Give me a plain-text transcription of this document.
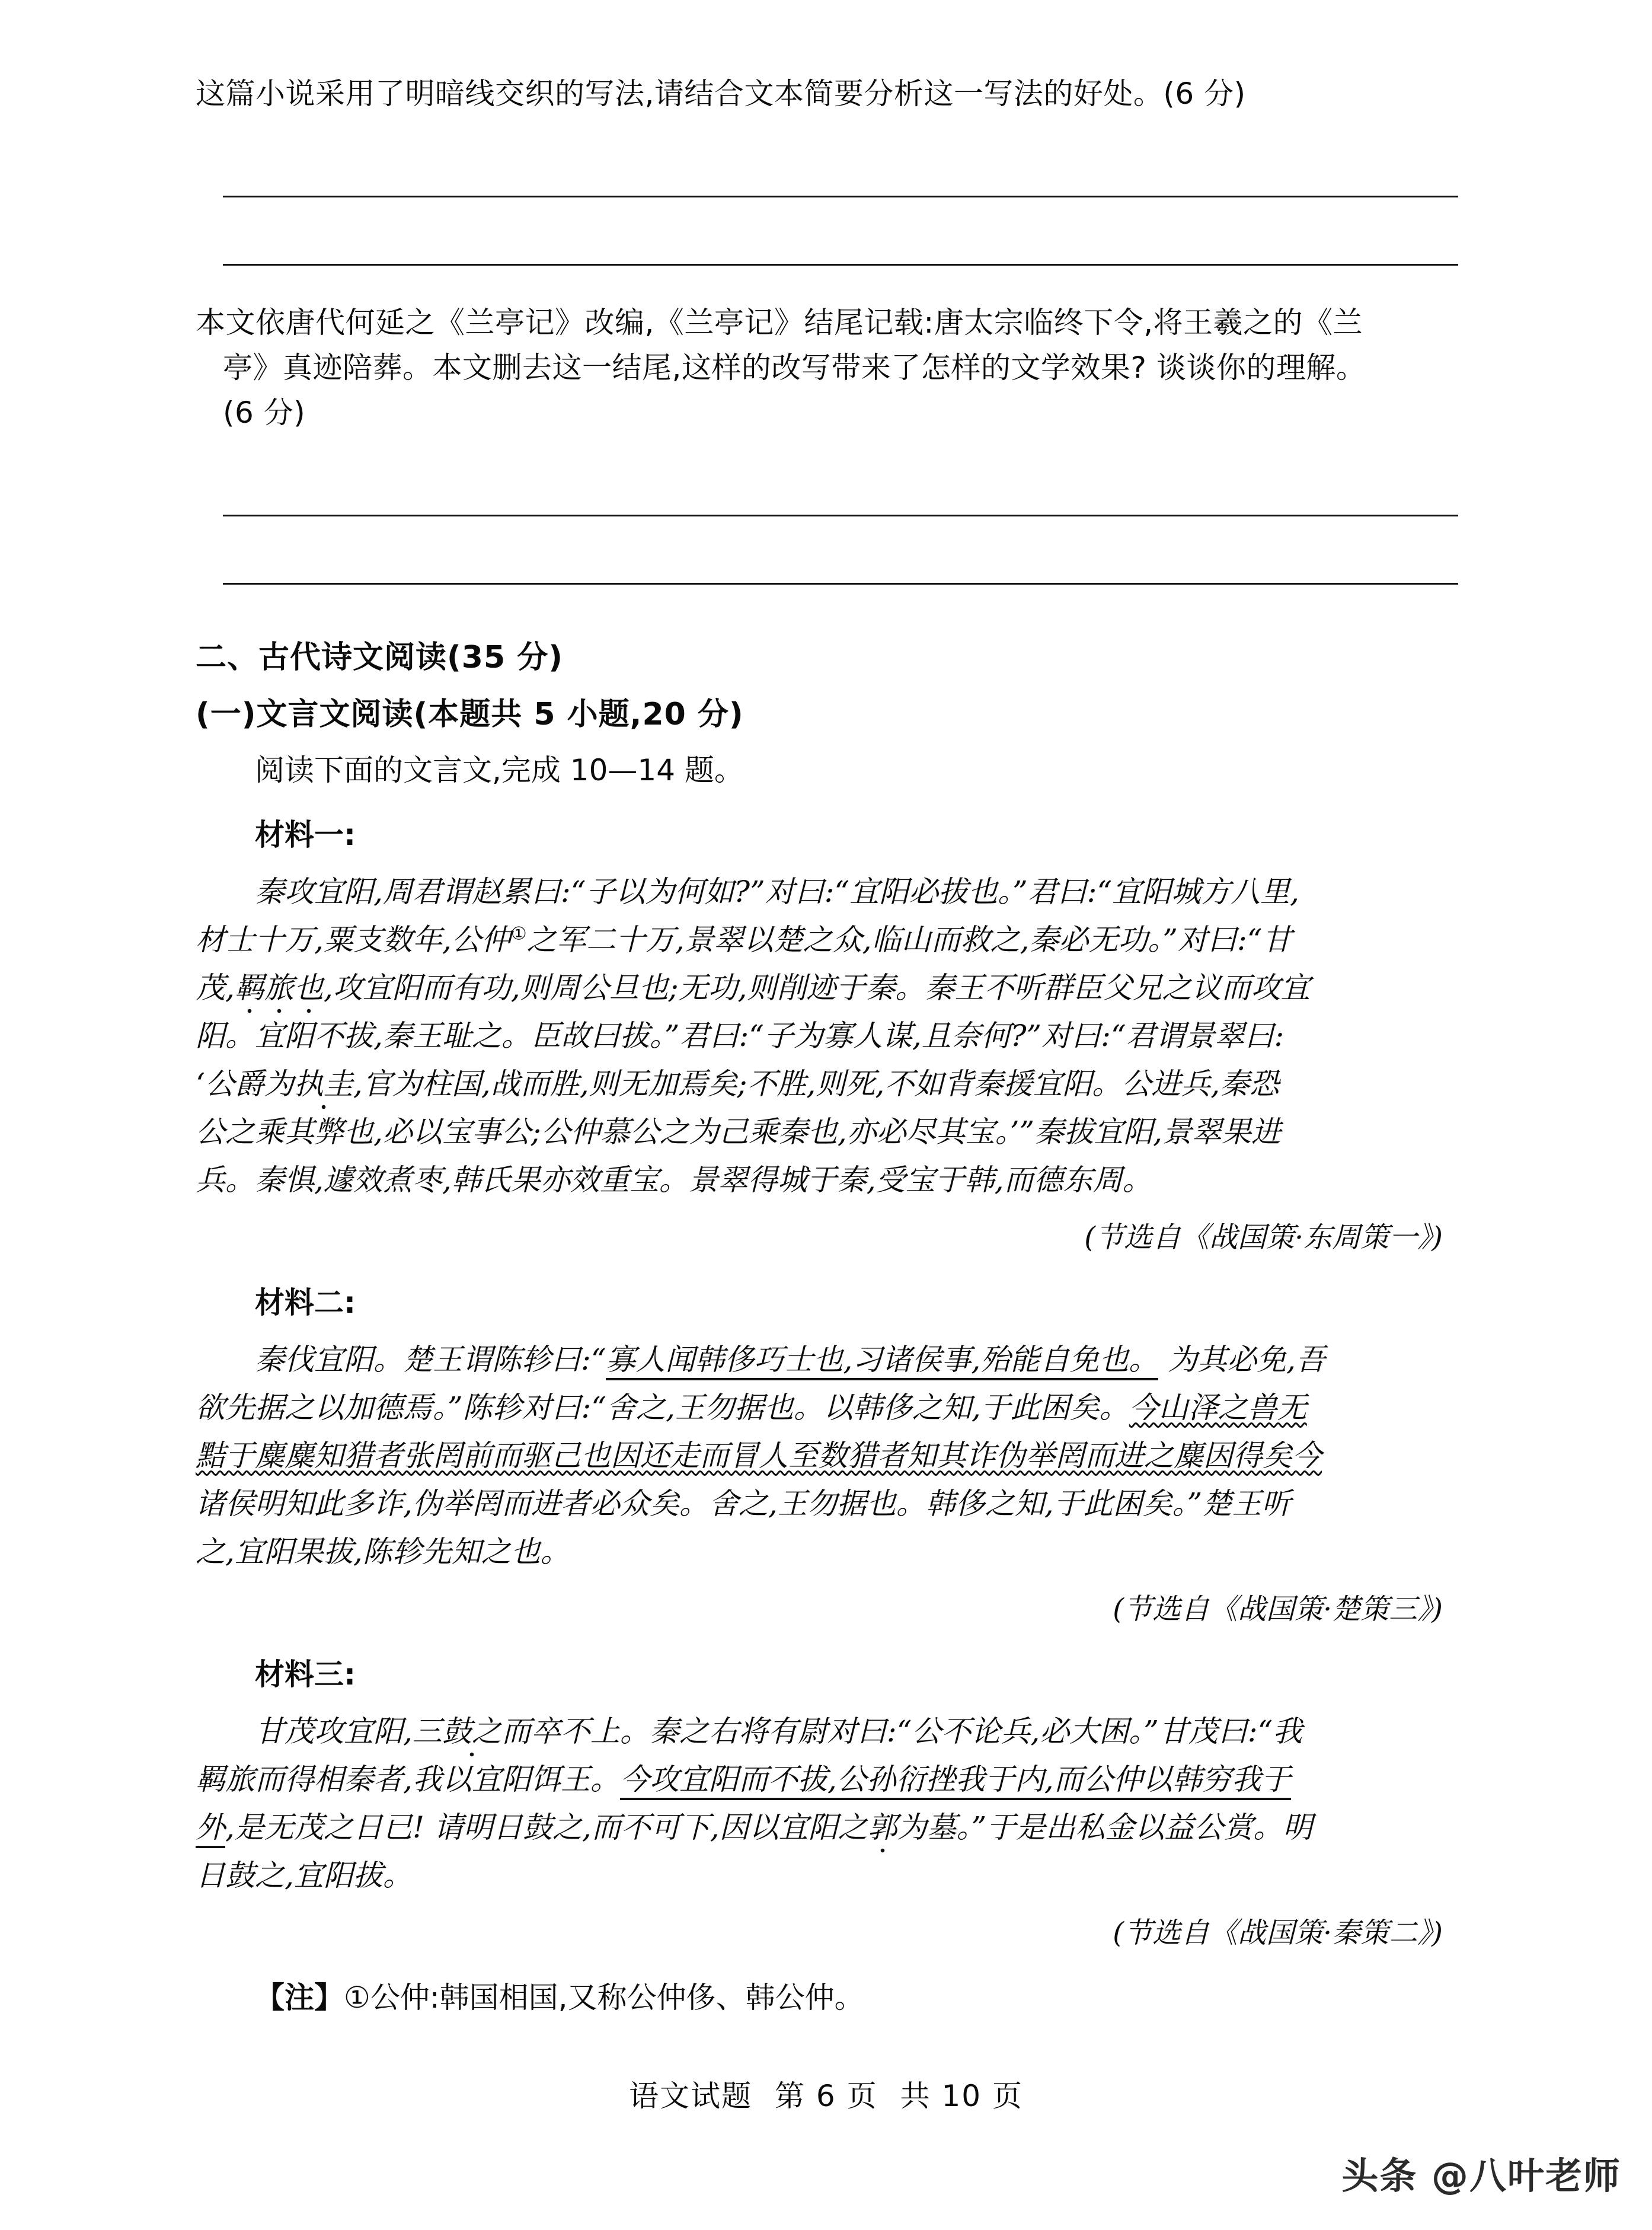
这篇小说采用了明暗线交织的写法,请结合文本简要分析这一写法的好处。(6 分)
本文依唐代何延之《兰亭记》改编,《兰亭记》结尾记载:唐太宗临终下令,将王羲之的《兰
亭》真迹陪葬。本文删去这一结尾,这样的改写带来了怎样的文学效果? 谈谈你的理解。
(6 分)
二、古代诗文阅读(35 分)
(一)文言文阅读(本题共 5 小题,20 分)
阅读下面的文言文,完成 10—14 题。
材料一:
秦攻宜阳,周君谓赵累曰:“子以为何如?”对曰:“宜阳必拔也。”君曰:“宜阳城方八里,
材士十万,粟支数年,公仲①之军二十万,景翠以楚之众,临山而救之,秦必无功。”对曰:“甘
茂,羁旅也,攻宜阳而有功,则周公旦也;无功,则削迹于秦。秦王不听群臣父兄之议而攻宜
阳。宜阳不拔,秦王耻之。臣故曰拔。”君曰:“子为寡人谋,且奈何?”对曰:“君谓景翠曰:
‘公爵为执圭,官为柱国,战而胜,则无加焉矣;不胜,则死,不如背秦援宜阳。公进兵,秦恐
公之乘其弊也,必以宝事公;公仲慕公之为己乘秦也,亦必尽其宝。’”秦拔宜阳,景翠果进
兵。秦惧,遽效煮枣,韩氏果亦效重宝。景翠得城于秦,受宝于韩,而德东周。
(节选自《战国策·东周策一》)
材料二:
秦伐宜阳。楚王谓陈轸曰:“寡人闻韩侈巧士也,习诸侯事,殆能自免也。 为其必免,吾
欲先据之以加德焉。”陈轸对曰:“舍之,王勿据也。以韩侈之知,于此困矣。今山泽之兽无
黠于麋麋知猎者张罔前而驱己也因还走而冒人至数猎者知其诈伪举罔而进之麋因得矣今
诸侯明知此多诈,伪举罔而进者必众矣。舍之,王勿据也。韩侈之知,于此困矣。”楚王听
之,宜阳果拔,陈轸先知之也。
(节选自《战国策·楚策三》)
材料三:
甘茂攻宜阳,三鼓之而卒不上。秦之右将有尉对曰:“公不论兵,必大困。”甘茂曰:“我
羁旅而得相秦者,我以宜阳饵王。今攻宜阳而不拔,公孙衍挫我于内,而公仲以韩穷我于
外,是无茂之日已! 请明日鼓之,而不可下,因以宜阳之郭为墓。”于是出私金以益公赏。明
日鼓之,宜阳拔。
(节选自《战国策·秦策二》)
【注】①公仲:韩国相国,又称公仲侈、韩公仲。
语文试题 第 6 页 共 10 页
头条 @八叶老师
